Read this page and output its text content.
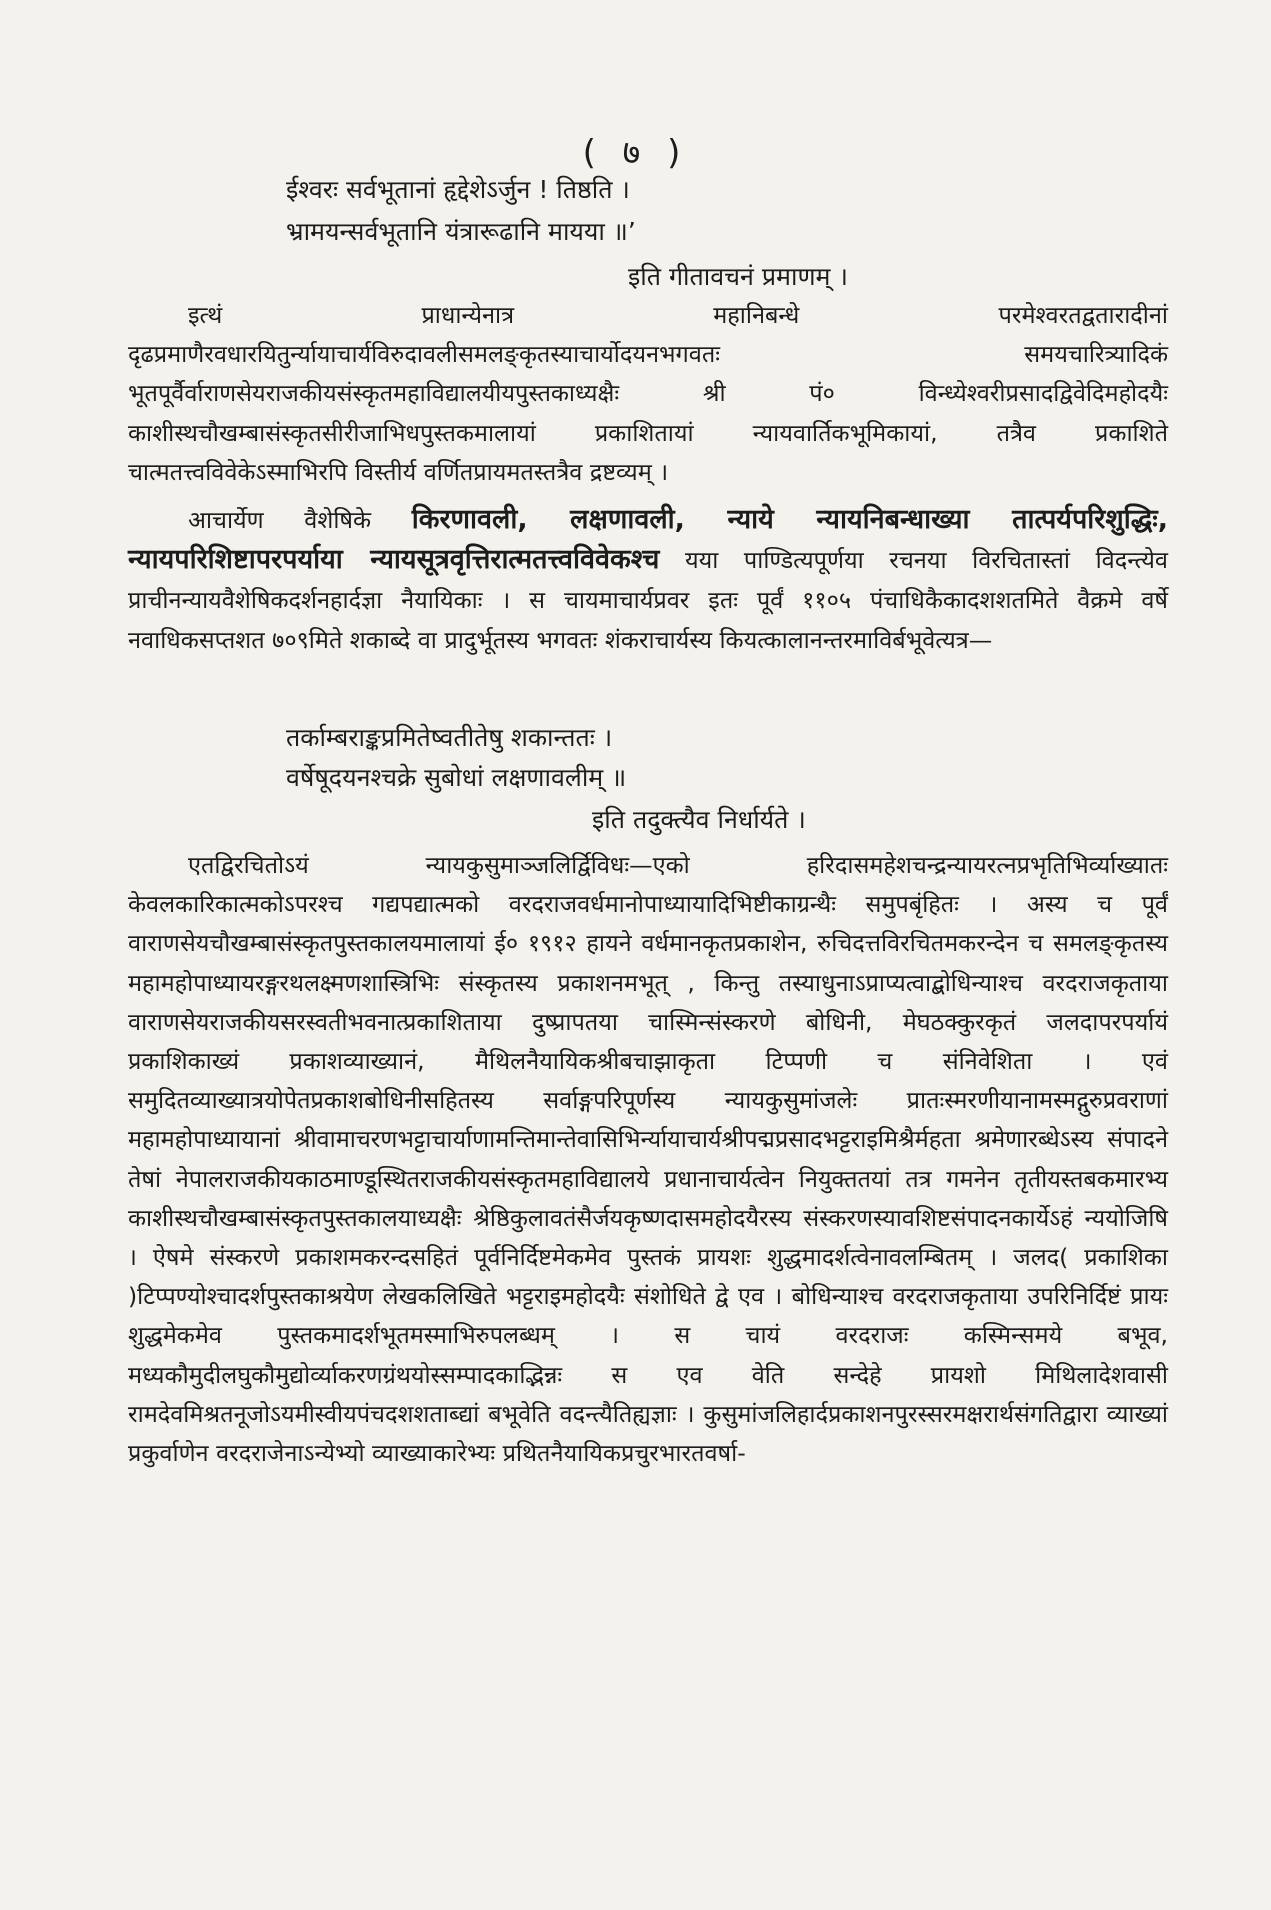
( ७ )
ईश्वरः सर्वभूतानां हृद्देशेऽर्जुन ! तिष्ठति ।
भ्रामयन्सर्वभूतानि यंत्रारूढानि मायया ॥’
इति गीतावचनं प्रमाणम् ।
इत्थं प्राधान्येनात्र महानिबन्धे परमेश्वरतद्वतारादीनां दृढप्रमाणैरवधारयितुर्न्यायाचार्यविरुदावलीसमलङ्कृतस्याचार्योदयनभगवतः समयचारित्र्यादिकं भूतपूर्वैर्वाराणसेयराजकीयसंस्कृतमहाविद्यालयीयपुस्तकाध्यक्षैः श्री पं० विन्ध्येश्वरीप्रसादद्विवेदिमहोदयैः काशीस्थचौखम्बासंस्कृतसीरीजाभिधपुस्तकमालायां प्रकाशितायां न्यायवार्तिकभूमिकायां, तत्रैव प्रकाशिते चात्मतत्त्वविवेकेऽस्माभिरपि विस्तीर्य वर्णितप्रायमतस्तत्रैव द्रष्टव्यम् ।
आचार्येण वैशेषिके किरणावली, लक्षणावली, न्याये न्यायनिबन्धाख्या तात्पर्यपरिशुद्धिः, न्यायपरिशिष्टापरपर्याया न्यायसूत्रवृत्तिरात्मतत्त्वविवेकश्च यया पाण्डित्यपूर्णया रचनया विरचितास्तां विदन्त्येव प्राचीनन्यायवैशेषिकदर्शनहार्दज्ञा नैयायिकाः । स चायमाचार्यप्रवर इतः पूर्वं ११०५ पंचाधिकैकादशशतमिते वैक्रमे वर्षे नवाधिकसप्तशत ७०९मिते शकाब्दे वा प्रादुर्भूतस्य भगवतः शंकराचार्यस्य कियत्कालानन्तरमाविर्बभूवेत्यत्र—
तर्काम्बराङ्कप्रमितेष्वतीतेषु शकान्ततः ।
वर्षेषूदयनश्चक्रे सुबोधां लक्षणावलीम् ॥
इति तदुक्त्यैव निर्धार्यते ।
एतद्विरचितोऽयं न्यायकुसुमाञ्जलिर्द्विविधः—एको हरिदासमहेशचन्द्रन्यायरत्नप्रभृतिभिर्व्याख्यातः केवलकारिकात्मकोऽपरश्च गद्यपद्यात्मको वरदराजवर्धमानोपाध्यायादिभिष्टीकाग्रन्थैः समुपबृंहितः । अस्य च पूर्वं वाराणसेयचौखम्बासंस्कृतपुस्तकालयमालायां ई० १९१२ हायने वर्धमानकृतप्रकाशेन, रुचिदत्तविरचितमकरन्देन च समलङ्कृतस्य महामहोपाध्यायरङ्गरथलक्ष्मणशास्त्रिभिः संस्कृतस्य प्रकाशनमभूत् , किन्तु तस्याधुनाऽप्राप्यत्वाद्बोधिन्याश्च वरदराजकृताया वाराणसेयराजकीयसरस्वतीभवनात्प्रकाशिताया दुष्प्रापतया चास्मिन्संस्करणे बोधिनी, मेघठक्कुरकृतं जलदापरपर्यायं प्रकाशिकाख्यं प्रकाशव्याख्यानं, मैथिलनैयायिकश्रीबचाझाकृता टिप्पणी च संनिवेशिता । एवं समुदितव्याख्यात्रयोपेतप्रकाशबोधिनीसहितस्य सर्वाङ्गपरिपूर्णस्य न्यायकुसुमांजलेः प्रातःस्मरणीयानामस्मद्गुरुप्रवराणां महामहोपाध्यायानां श्रीवामाचरणभट्टाचार्याणामन्तिमान्तेवासिभिर्न्यायाचार्यश्रीपद्मप्रसादभट्टराइमिश्रैर्महता श्रमेणारब्धेऽस्य संपादने तेषां नेपालराजकीयकाठमाण्डूस्थितराजकीयसंस्कृतमहाविद्यालये प्रधानाचार्यत्वेन नियुक्ततयां तत्र गमनेन तृतीयस्तबकमारभ्य काशीस्थचौखम्बासंस्कृतपुस्तकालयाध्यक्षैः श्रेष्ठिकुलावतंसैर्जयकृष्णदासमहोदयैरस्य संस्करणस्यावशिष्टसंपादनकार्येऽहं न्ययोजिषि । ऐषमे संस्करणे प्रकाशमकरन्दसहितं पूर्वनिर्दिष्टमेकमेव पुस्तकं प्रायशः शुद्धमादर्शत्वेनावलम्बितम् । जलद( प्रकाशिका )टिप्पण्योश्चादर्शपुस्तकाश्रयेण लेखकलिखिते भट्टराइमहोदयैः संशोधिते द्वे एव । बोधिन्याश्च वरदराजकृताया उपरिनिर्दिष्टं प्रायः शुद्धमेकमेव पुस्तकमादर्शभूतमस्माभिरुपलब्धम् । स चायं वरदराजः कस्मिन्समये बभूव, मध्यकौमुदीलघुकौमुद्योर्व्याकरणग्रंथयोस्सम्पादकाद्भिन्नः स एव वेति सन्देहे प्रायशो मिथिलादेशवासी रामदेवमिश्रतनूजोऽयमीस्वीयपंचदशशताब्द्यां बभूवेति वदन्त्यैतिह्यज्ञाः । कुसुमांजलिहार्दप्रकाशनपुरस्सरमक्षरार्थसंगतिद्वारा व्याख्यां प्रकुर्वाणेन वरदराजेनाऽन्येभ्यो व्याख्याकारेभ्यः प्रथितनैयायिकप्रचुरभारतवर्षा-
